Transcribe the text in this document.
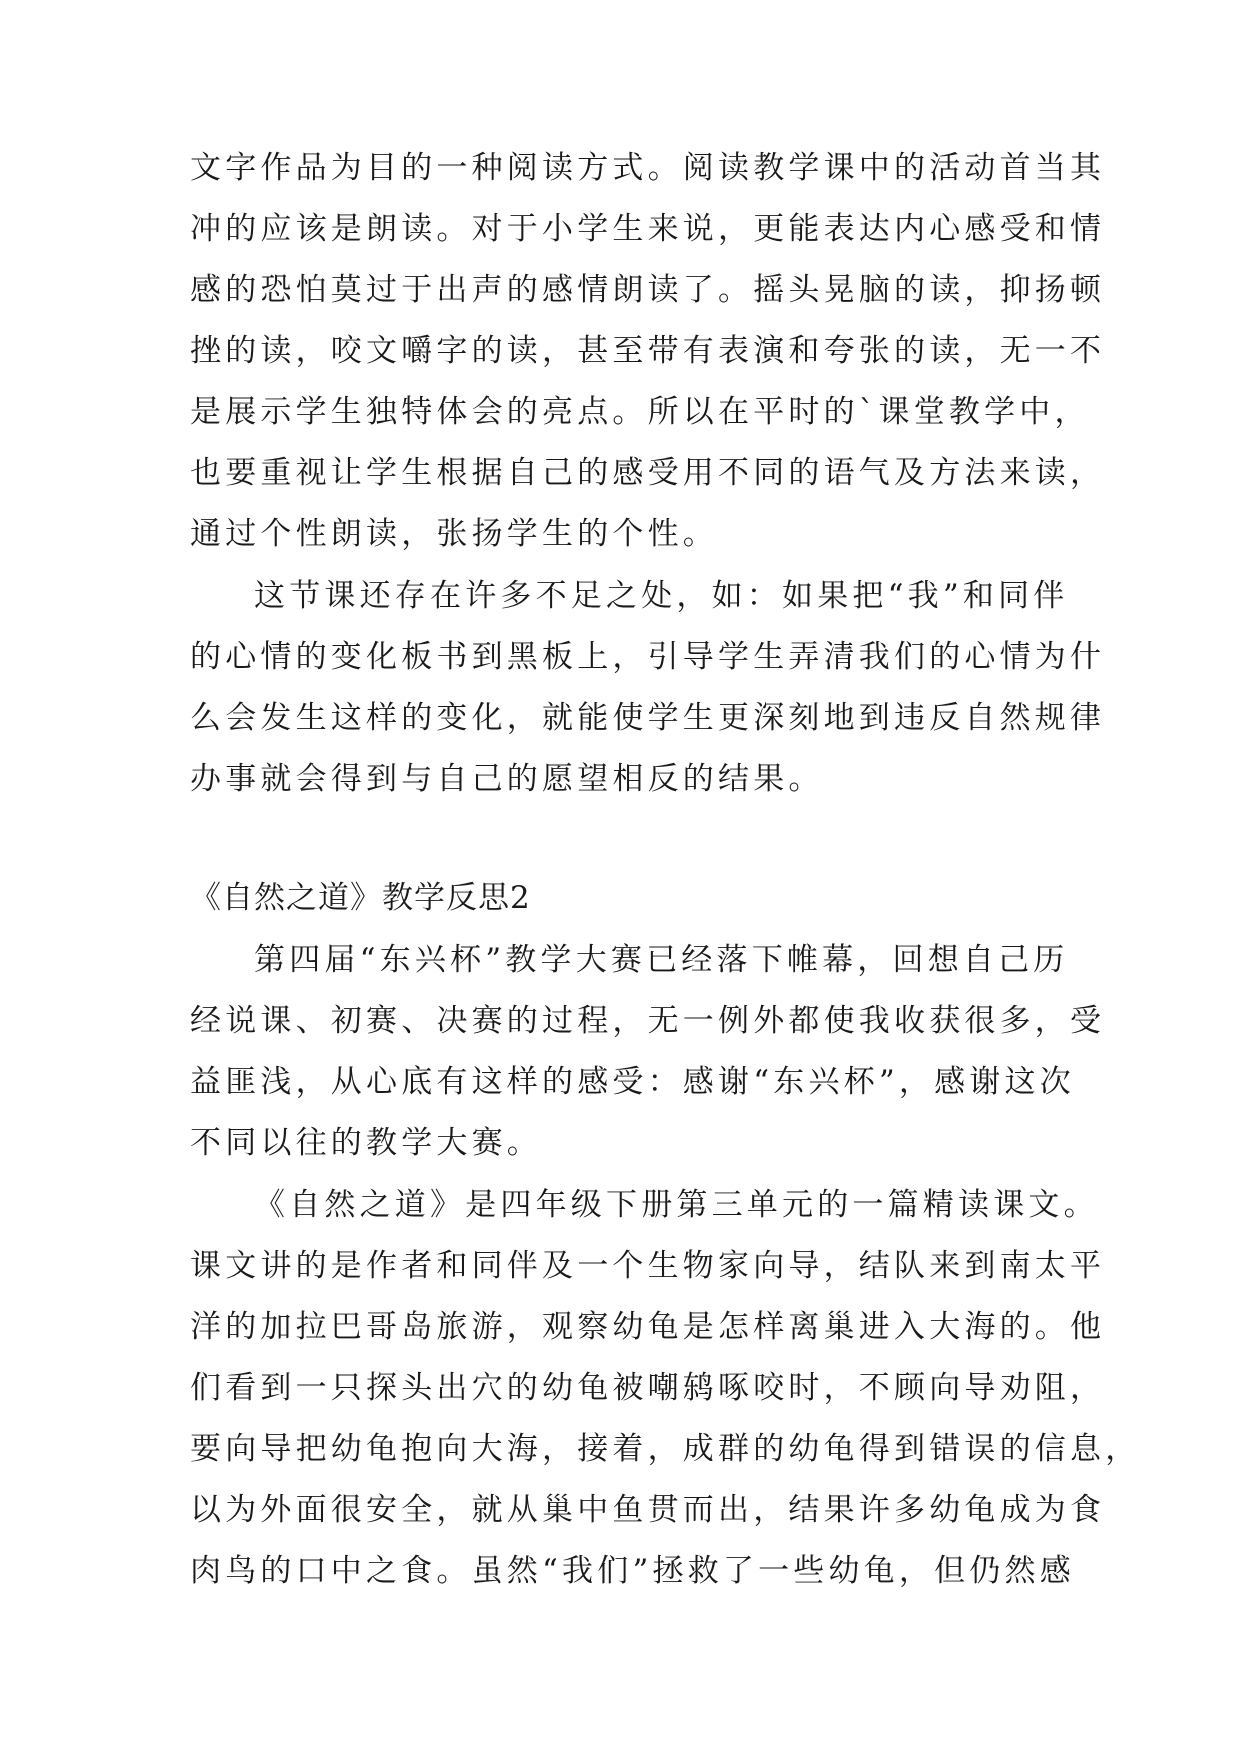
文字作品为目的一种阅读方式。阅读教学课中的活动首当其
冲的应该是朗读。对于小学生来说，更能表达内心感受和情
感的恐怕莫过于出声的感情朗读了。摇头晃脑的读，抑扬顿
挫的读，咬文嚼字的读，甚至带有表演和夸张的读，无一不
是展示学生独特体会的亮点。所以在平时的`课堂教学中，
也要重视让学生根据自己的感受用不同的语气及方法来读，
通过个性朗读，张扬学生的个性。
这节课还存在许多不足之处，如：如果把“我”和同伴
的心情的变化板书到黑板上，引导学生弄清我们的心情为什
么会发生这样的变化，就能使学生更深刻地到违反自然规律
办事就会得到与自己的愿望相反的结果。
《自然之道》教学反思2
第四届“东兴杯”教学大赛已经落下帷幕，回想自己历
经说课、初赛、决赛的过程，无一例外都使我收获很多，受
益匪浅，从心底有这样的感受：感谢“东兴杯”，感谢这次
不同以往的教学大赛。
《自然之道》是四年级下册第三单元的一篇精读课文。
课文讲的是作者和同伴及一个生物家向导，结队来到南太平
洋的加拉巴哥岛旅游，观察幼龟是怎样离巢进入大海的。他
们看到一只探头出穴的幼龟被嘲鸫啄咬时，不顾向导劝阻，
要向导把幼龟抱向大海，接着，成群的幼龟得到错误的信息，
以为外面很安全，就从巢中鱼贯而出，结果许多幼龟成为食
肉鸟的口中之食。虽然“我们”拯救了一些幼龟，但仍然感
